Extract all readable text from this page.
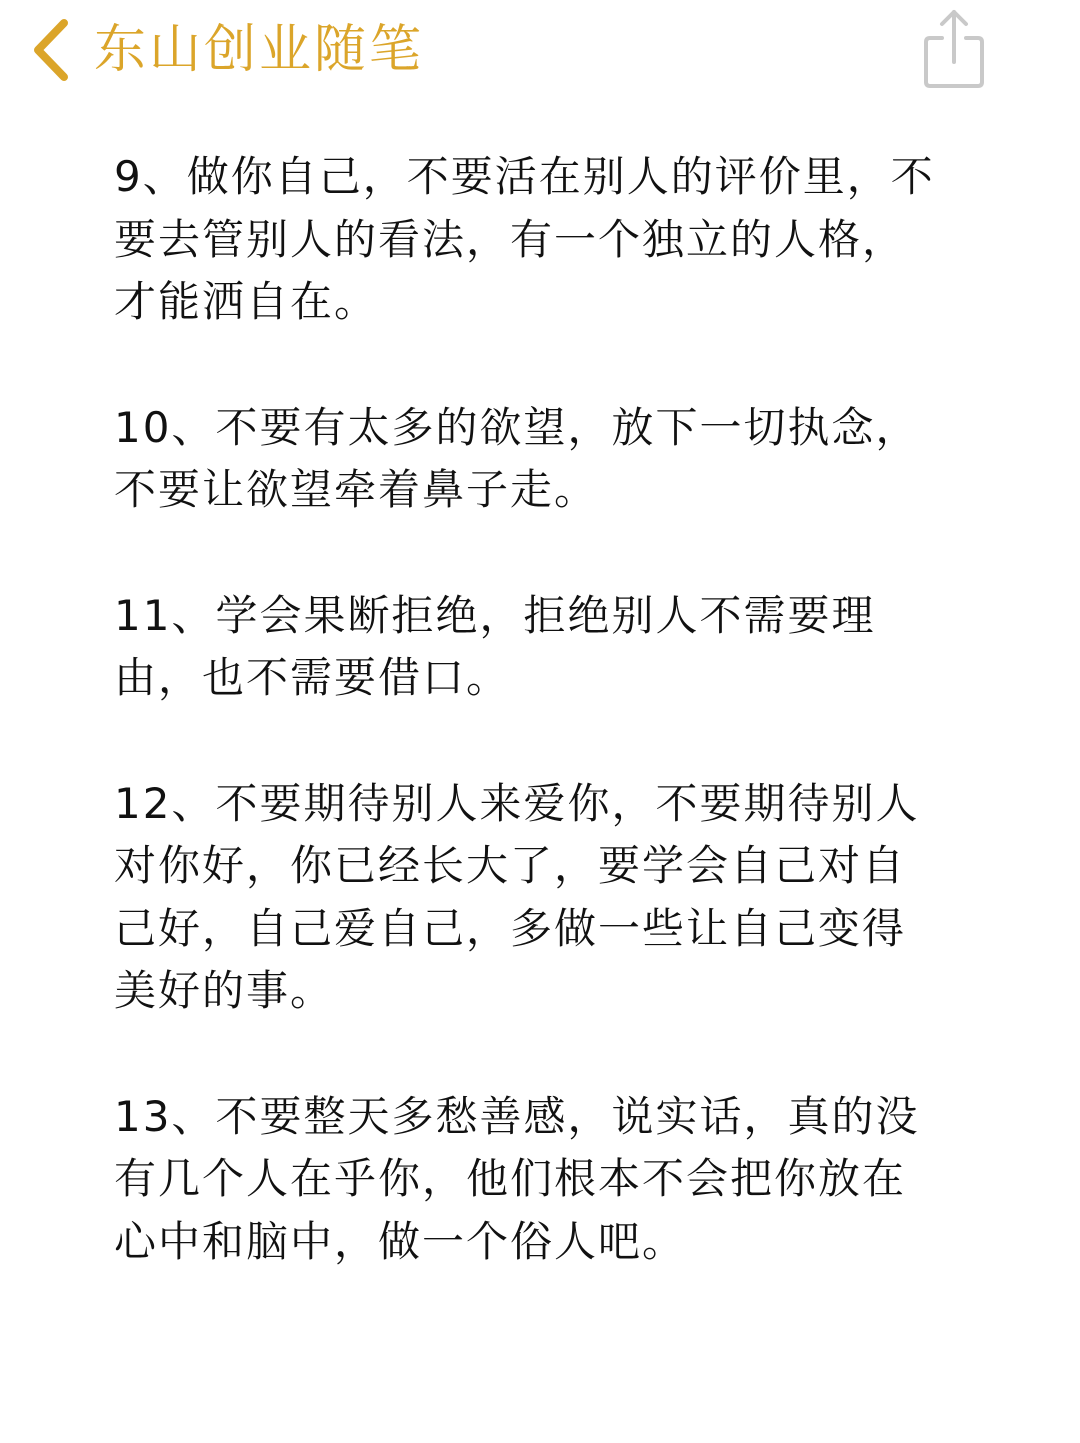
东山创业随笔

9、做你自己，不要活在别人的评价里，不
要去管别人的看法，有一个独立的人格，
才能洒自在。

10、不要有太多的欲望，放下一切执念，
不要让欲望牵着鼻子走。

11、学会果断拒绝，拒绝别人不需要理
由，也不需要借口。

12、不要期待别人来爱你，不要期待别人
对你好，你已经长大了，要学会自己对自
己好，自己爱自己，多做一些让自己变得
美好的事。

13、不要整天多愁善感，说实话，真的没
有几个人在乎你，他们根本不会把你放在
心中和脑中，做一个俗人吧。
